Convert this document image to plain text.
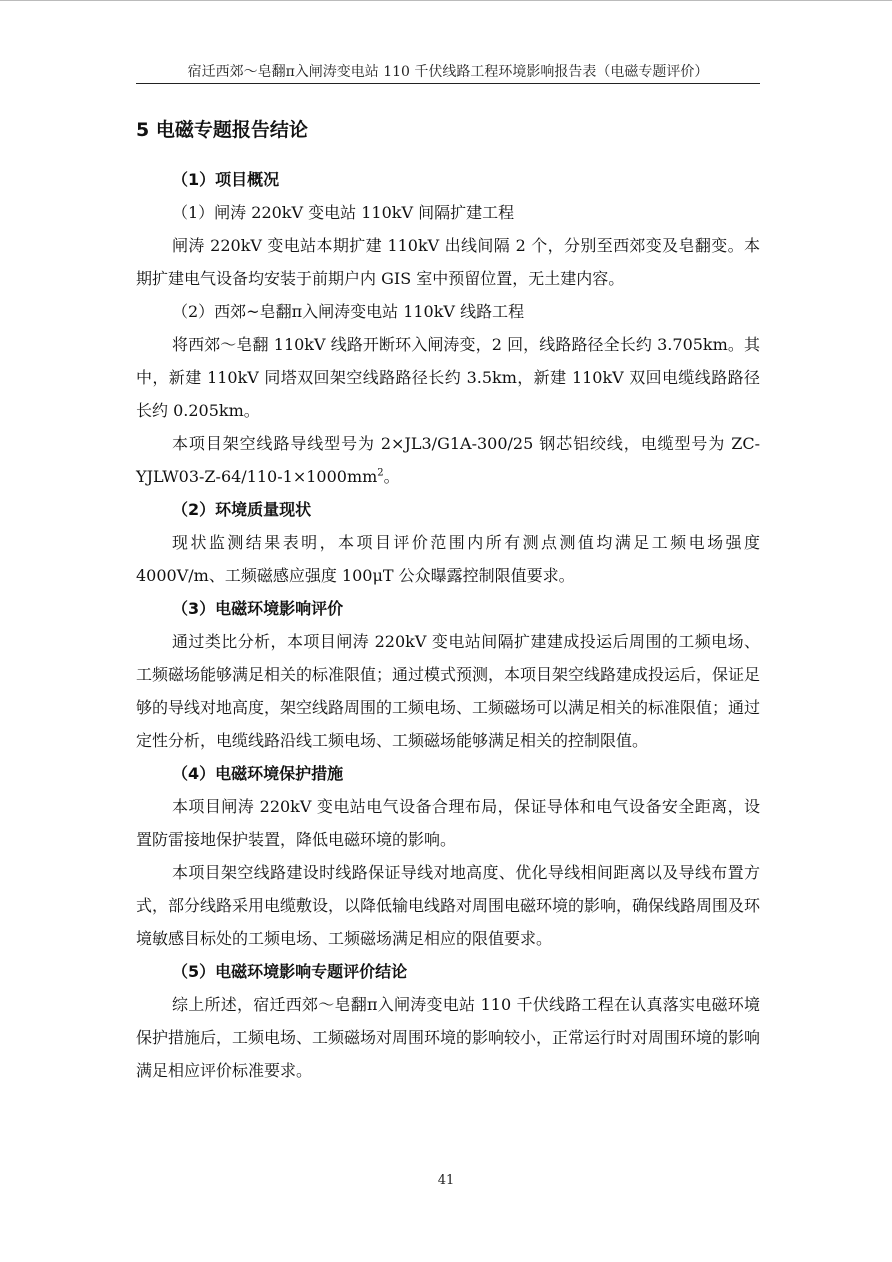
宿迁西郊～皂翻π入闸涛变电站 110 千伏线路工程环境影响报告表（电磁专题评价）
5 电磁专题报告结论
（1）项目概况

（1）闸涛 220kV 变电站 110kV 间隔扩建工程

闸涛 220kV 变电站本期扩建 110kV 出线间隔 2 个，分别至西郊变及皂翻变。本期扩建电气设备均安装于前期户内 GIS 室中预留位置，无土建内容。

（2）西郊~皂翻π入闸涛变电站 110kV 线路工程

将西郊～皂翻 110kV 线路开断环入闸涛变，2 回，线路路径全长约 3.705km。其中，新建 110kV 同塔双回架空线路路径长约 3.5km，新建 110kV 双回电缆线路路径长约 0.205km。

本项目架空线路导线型号为 2×JL3/G1A-300/25 钢芯铝绞线，电缆型号为 $ZC-YJLW03-Z-64/110-1\times 1000mm^2$。

（2）环境质量现状

现状监测结果表明，本项目评价范围内所有测点测值均满足工频电场强度 4000V/m、工频磁感应强度 100μT 公众曝露控制限值要求。

（3）电磁环境影响评价

通过类比分析，本项目闸涛 220kV 变电站间隔扩建建成投运后周围的工频电场、工频磁场能够满足相关的标准限值；通过模式预测，本项目架空线路建成投运后，保证足够的导线对地高度，架空线路周围的工频电场、工频磁场可以满足相关的标准限值；通过定性分析，电缆线路沿线工频电场、工频磁场能够满足相关的控制限值。

（4）电磁环境保护措施

本项目闸涛 220kV 变电站电气设备合理布局，保证导体和电气设备安全距离，设置防雷接地保护装置，降低电磁环境的影响。

本项目架空线路建设时线路保证导线对地高度、优化导线相间距离以及导线布置方式，部分线路采用电缆敷设，以降低输电线路对周围电磁环境的影响，确保线路周围及环境敏感目标处的工频电场、工频磁场满足相应的限值要求。

（5）电磁环境影响专题评价结论

综上所述，宿迁西郊～皂翻π入闸涛变电站 110 千伏线路工程在认真落实电磁环境保护措施后，工频电场、工频磁场对周围环境的影响较小，正常运行时对周围环境的影响满足相应评价标准要求。

41
